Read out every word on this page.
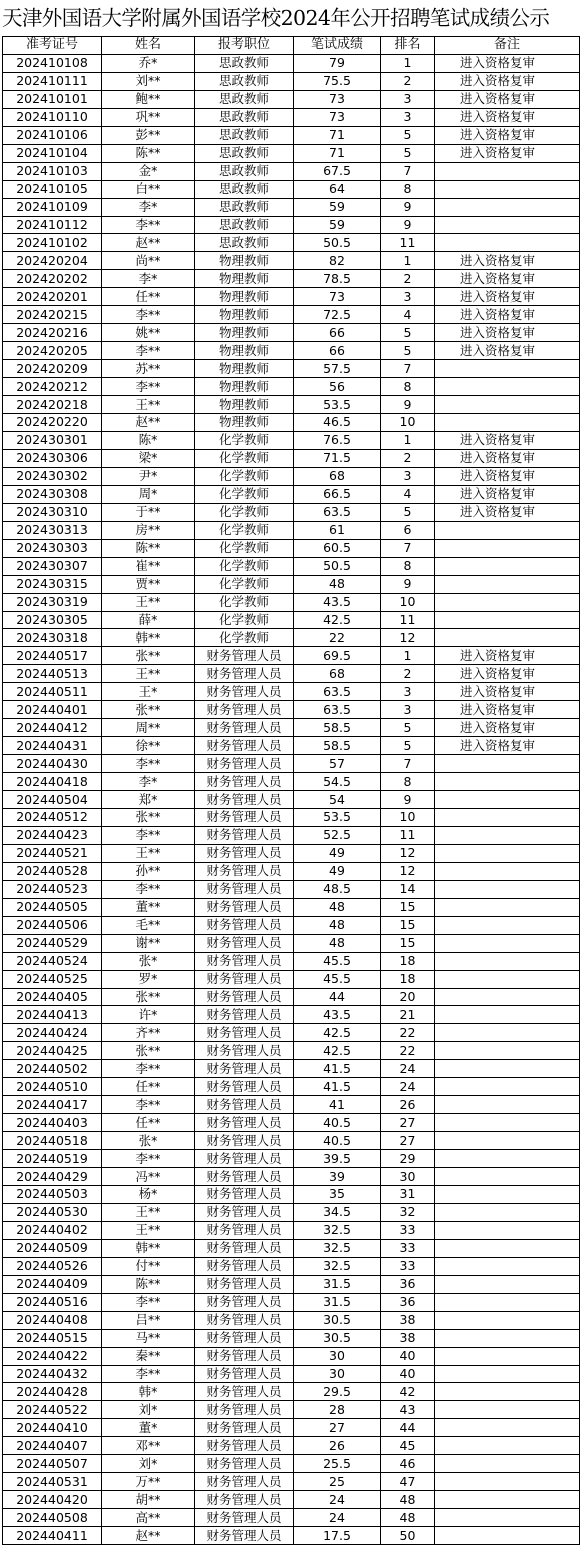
天津外国语大学附属外国语学校2024年公开招聘笔试成绩公示
准考证号	姓名	报考职位	笔试成绩	排名	备注
202410108	乔*	思政教师	79	1	进入资格复审
202410111	刘**	思政教师	75.5	2	进入资格复审
202410101	鲍**	思政教师	73	3	进入资格复审
202410110	巩**	思政教师	73	3	进入资格复审
202410106	彭**	思政教师	71	5	进入资格复审
202410104	陈**	思政教师	71	5	进入资格复审
202410103	金*	思政教师	67.5	7	
202410105	白**	思政教师	64	8	
202410109	李*	思政教师	59	9	
202410112	李**	思政教师	59	9	
202410102	赵**	思政教师	50.5	11	
202420204	尚**	物理教师	82	1	进入资格复审
202420202	李*	物理教师	78.5	2	进入资格复审
202420201	任**	物理教师	73	3	进入资格复审
202420215	李**	物理教师	72.5	4	进入资格复审
202420216	姚**	物理教师	66	5	进入资格复审
202420205	李**	物理教师	66	5	进入资格复审
202420209	苏**	物理教师	57.5	7	
202420212	李**	物理教师	56	8	
202420218	王**	物理教师	53.5	9	
202420220	赵**	物理教师	46.5	10	
202430301	陈*	化学教师	76.5	1	进入资格复审
202430306	梁*	化学教师	71.5	2	进入资格复审
202430302	尹*	化学教师	68	3	进入资格复审
202430308	周*	化学教师	66.5	4	进入资格复审
202430310	于**	化学教师	63.5	5	进入资格复审
202430313	房**	化学教师	61	6	
202430303	陈**	化学教师	60.5	7	
202430307	崔**	化学教师	50.5	8	
202430315	贾**	化学教师	48	9	
202430319	王**	化学教师	43.5	10	
202430305	薛*	化学教师	42.5	11	
202430318	韩**	化学教师	22	12	
202440517	张**	财务管理人员	69.5	1	进入资格复审
202440513	王**	财务管理人员	68	2	进入资格复审
202440511	王*	财务管理人员	63.5	3	进入资格复审
202440401	张**	财务管理人员	63.5	3	进入资格复审
202440412	周**	财务管理人员	58.5	5	进入资格复审
202440431	徐**	财务管理人员	58.5	5	进入资格复审
202440430	李**	财务管理人员	57	7	
202440418	李*	财务管理人员	54.5	8	
202440504	郑*	财务管理人员	54	9	
202440512	张**	财务管理人员	53.5	10	
202440423	李**	财务管理人员	52.5	11	
202440521	王**	财务管理人员	49	12	
202440528	孙**	财务管理人员	49	12	
202440523	李**	财务管理人员	48.5	14	
202440505	董**	财务管理人员	48	15	
202440506	毛**	财务管理人员	48	15	
202440529	谢**	财务管理人员	48	15	
202440524	张*	财务管理人员	45.5	18	
202440525	罗*	财务管理人员	45.5	18	
202440405	张**	财务管理人员	44	20	
202440413	许*	财务管理人员	43.5	21	
202440424	齐**	财务管理人员	42.5	22	
202440425	张**	财务管理人员	42.5	22	
202440502	李**	财务管理人员	41.5	24	
202440510	任**	财务管理人员	41.5	24	
202440417	李**	财务管理人员	41	26	
202440403	任**	财务管理人员	40.5	27	
202440518	张*	财务管理人员	40.5	27	
202440519	李**	财务管理人员	39.5	29	
202440429	冯**	财务管理人员	39	30	
202440503	杨*	财务管理人员	35	31	
202440530	王**	财务管理人员	34.5	32	
202440402	王**	财务管理人员	32.5	33	
202440509	韩**	财务管理人员	32.5	33	
202440526	付**	财务管理人员	32.5	33	
202440409	陈**	财务管理人员	31.5	36	
202440516	李**	财务管理人员	31.5	36	
202440408	吕**	财务管理人员	30.5	38	
202440515	马**	财务管理人员	30.5	38	
202440422	秦**	财务管理人员	30	40	
202440432	李**	财务管理人员	30	40	
202440428	韩*	财务管理人员	29.5	42	
202440522	刘*	财务管理人员	28	43	
202440410	董*	财务管理人员	27	44	
202440407	邓**	财务管理人员	26	45	
202440507	刘*	财务管理人员	25.5	46	
202440531	万**	财务管理人员	25	47	
202440420	胡**	财务管理人员	24	48	
202440508	高**	财务管理人员	24	48	
202440411	赵**	财务管理人员	17.5	50	
